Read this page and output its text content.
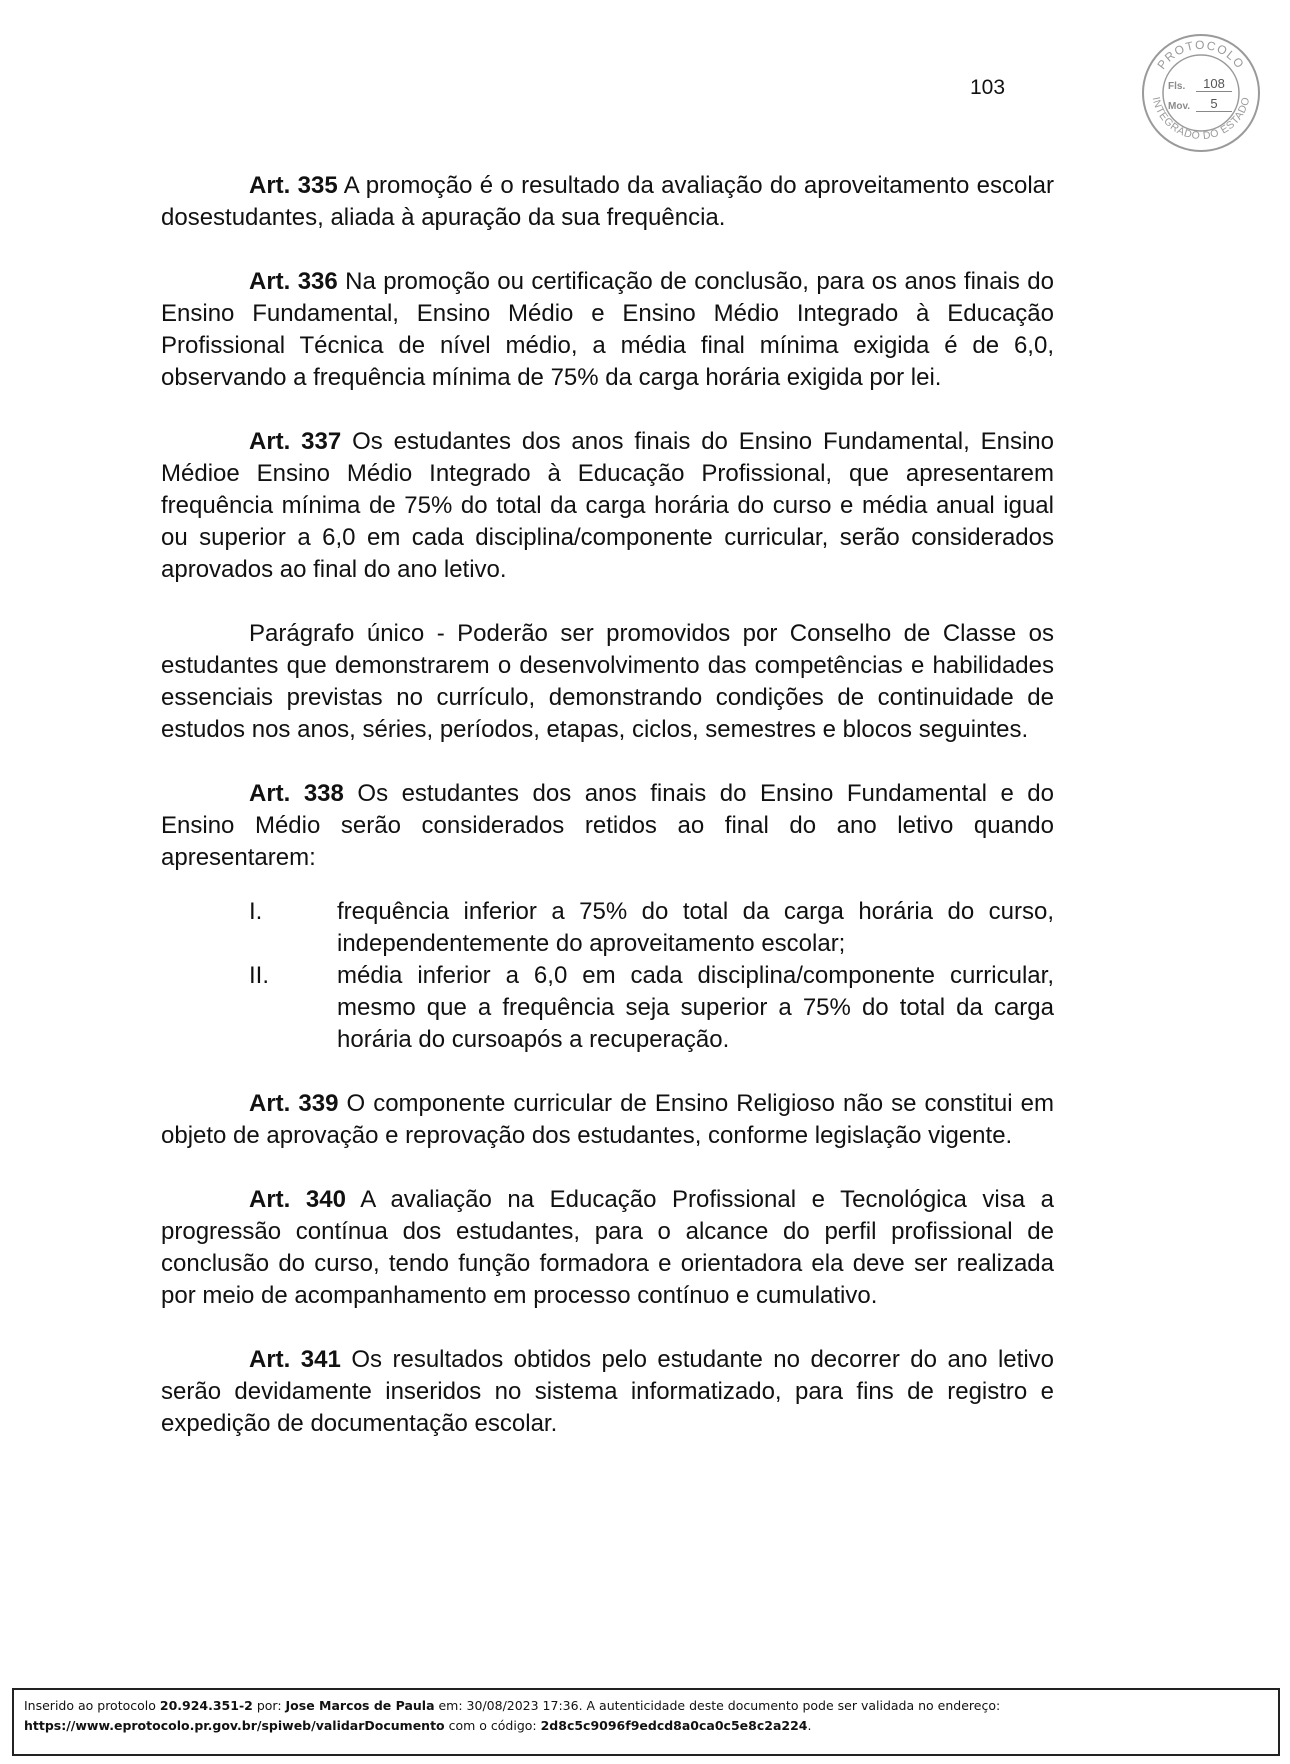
103
PROTOCOLO
INTEGRADO DO ESTADO
Fls.	108
Mov.	5

Art. 335 A promoção é o resultado da avaliação do aproveitamento escolar dosestudantes, aliada à apuração da sua frequência.

Art. 336 Na promoção ou certificação de conclusão, para os anos finais do Ensino Fundamental, Ensino Médio e Ensino Médio Integrado à Educação Profissional Técnica de nível médio, a média final mínima exigida é de 6,0, observando a frequência mínima de 75% da carga horária exigida por lei.

Art. 337 Os estudantes dos anos finais do Ensino Fundamental, Ensino Médioe Ensino Médio Integrado à Educação Profissional, que apresentarem frequência mínima de 75% do total da carga horária do curso e média anual igual ou superior a 6,0 em cada disciplina/componente curricular, serão considerados aprovados ao final do ano letivo.

Parágrafo único - Poderão ser promovidos por Conselho de Classe os estudantes que demonstrarem o desenvolvimento das competências e habilidades essenciais previstas no currículo, demonstrando condições de continuidade de estudos nos anos, séries, períodos, etapas, ciclos, semestres e blocos seguintes.

Art. 338 Os estudantes dos anos finais do Ensino Fundamental e do Ensino Médio serão considerados retidos ao final do ano letivo quando apresentarem:

I.	frequência inferior a 75% do total da carga horária do curso, independentemente do aproveitamento escolar;
II.	média inferior a 6,0 em cada disciplina/componente curricular, mesmo que a frequência seja superior a 75% do total da carga horária do cursoapós a recuperação.

Art. 339 O componente curricular de Ensino Religioso não se constitui em objeto de aprovação e reprovação dos estudantes, conforme legislação vigente.

Art. 340 A avaliação na Educação Profissional e Tecnológica visa a progressão contínua dos estudantes, para o alcance do perfil profissional de conclusão do curso, tendo função formadora e orientadora ela deve ser realizada por meio de acompanhamento em processo contínuo e cumulativo.

Art. 341 Os resultados obtidos pelo estudante no decorrer do ano letivo serão devidamente inseridos no sistema informatizado, para fins de registro e expedição de documentação escolar.

Inserido ao protocolo 20.924.351-2 por: Jose Marcos de Paula em: 30/08/2023 17:36. A autenticidade deste documento pode ser validada no endereço:
https://www.eprotocolo.pr.gov.br/spiweb/validarDocumento com o código: 2d8c5c9096f9edcd8a0ca0c5e8c2a224.
